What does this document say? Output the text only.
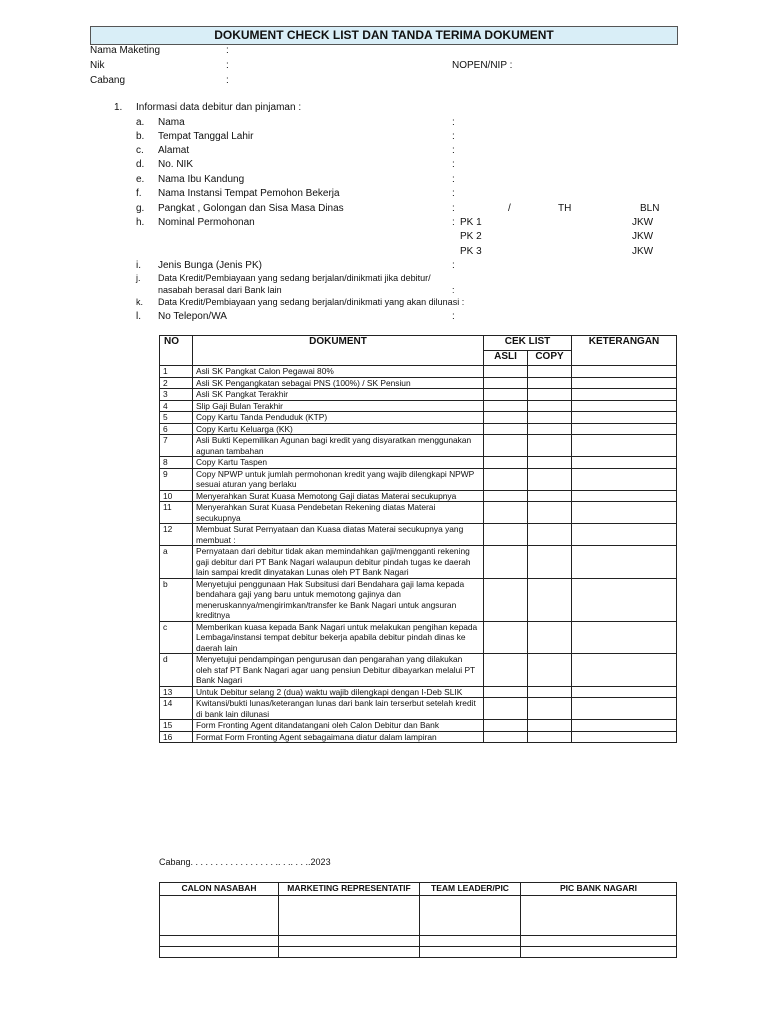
DOKUMENT CHECK LIST DAN TANDA TERIMA DOKUMENT
Nama Maketing	:
Nik	:	NOPEN/NIP :
Cabang	:
1. Informasi data debitur dan pinjaman :
a. Nama	:
b. Tempat Tanggal Lahir	:
c. Alamat	:
d. No. NIK	:
e. Nama Ibu Kandung	:
f. Nama Instansi Tempat Pemohon Bekerja	:
g. Pangkat , Golongan dan Sisa Masa Dinas	:	/	TH	BLN
h. Nominal Permohonan	: PK 1	JKW
PK 2	JKW
PK 3	JKW
i. Jenis Bunga (Jenis PK)	:
j. Data Kredit/Pembiayaan yang sedang berjalan/dinikmati jika debitur/
nasabah berasal dari Bank lain	:
k. Data Kredit/Pembiayaan yang sedang berjalan/dinikmati yang akan dilunasi :
l. No Telepon/WA	:
NO	DOKUMENT	CEK LIST		KETERANGAN
		ASLI	COPY	
1	Asli SK Pangkat Calon Pegawai 80%			
2	Asli SK Pengangkatan sebagai PNS (100%) / SK Pensiun			
3	Asli SK Pangkat Terakhir			
4	Slip Gaji Bulan Terakhir			
5	Copy Kartu Tanda Penduduk (KTP)			
6	Copy Kartu Keluarga (KK)			
7	Asli Bukti Kepemilikan Agunan bagi kredit yang disyaratkan menggunakan agunan tambahan			
8	Copy Kartu Taspen			
9	Copy NPWP untuk jumlah permohonan kredit yang wajib dilengkapi NPWP sesuai aturan yang berlaku			
10	Menyerahkan Surat Kuasa Memotong Gaji diatas Materai secukupnya			
11	Menyerahkan Surat Kuasa Pendebetan Rekening diatas Materai secukupnya			
12	Membuat Surat Pernyataan dan Kuasa diatas Materai secukupnya yang membuat :			
a	Pernyataan dari debitur tidak akan memindahkan gaji/mengganti rekening gaji debitur dari PT Bank Nagari walaupun debitur pindah tugas ke daerah lain sampai kredit dinyatakan Lunas oleh PT Bank Nagari			
b	Menyetujui penggunaan Hak Subsitusi dari Bendahara gaji lama kepada bendahara gaji yang baru untuk memotong gajinya dan meneruskannya/mengirimkan/transfer ke Bank Nagari untuk angsuran kreditnya			
c	Memberikan kuasa kepada Bank Nagari untuk melakukan pengihan kepada Lembaga/instansi tempat debitur bekerja apabila debitur pindah dinas ke daerah lain			
d	Menyetujui pendampingan pengurusan dan pengarahan yang dilakukan oleh staf PT Bank Nagari agar uang pensiun Debitur dibayarkan melalui PT Bank Nagari			
13	Untuk Debitur selang 2 (dua) waktu wajib dilengkapi dengan I-Deb SLIK			
14	Kwitansi/bukti lunas/keterangan lunas dari bank lain terserbut setelah kredit di bank lain dilunasi			
15	Form Fronting Agent ditandatangani oleh Calon Debitur dan Bank			
16	Format Form Fronting Agent sebagaimana diatur dalam lampiran			
Cabang. . . . . . . . . . . . . . . . . .. . .. . . ..2023
CALON NASABAH	MARKETING REPRESENTATIF	TEAM LEADER/PIC	PIC BANK NAGARI
